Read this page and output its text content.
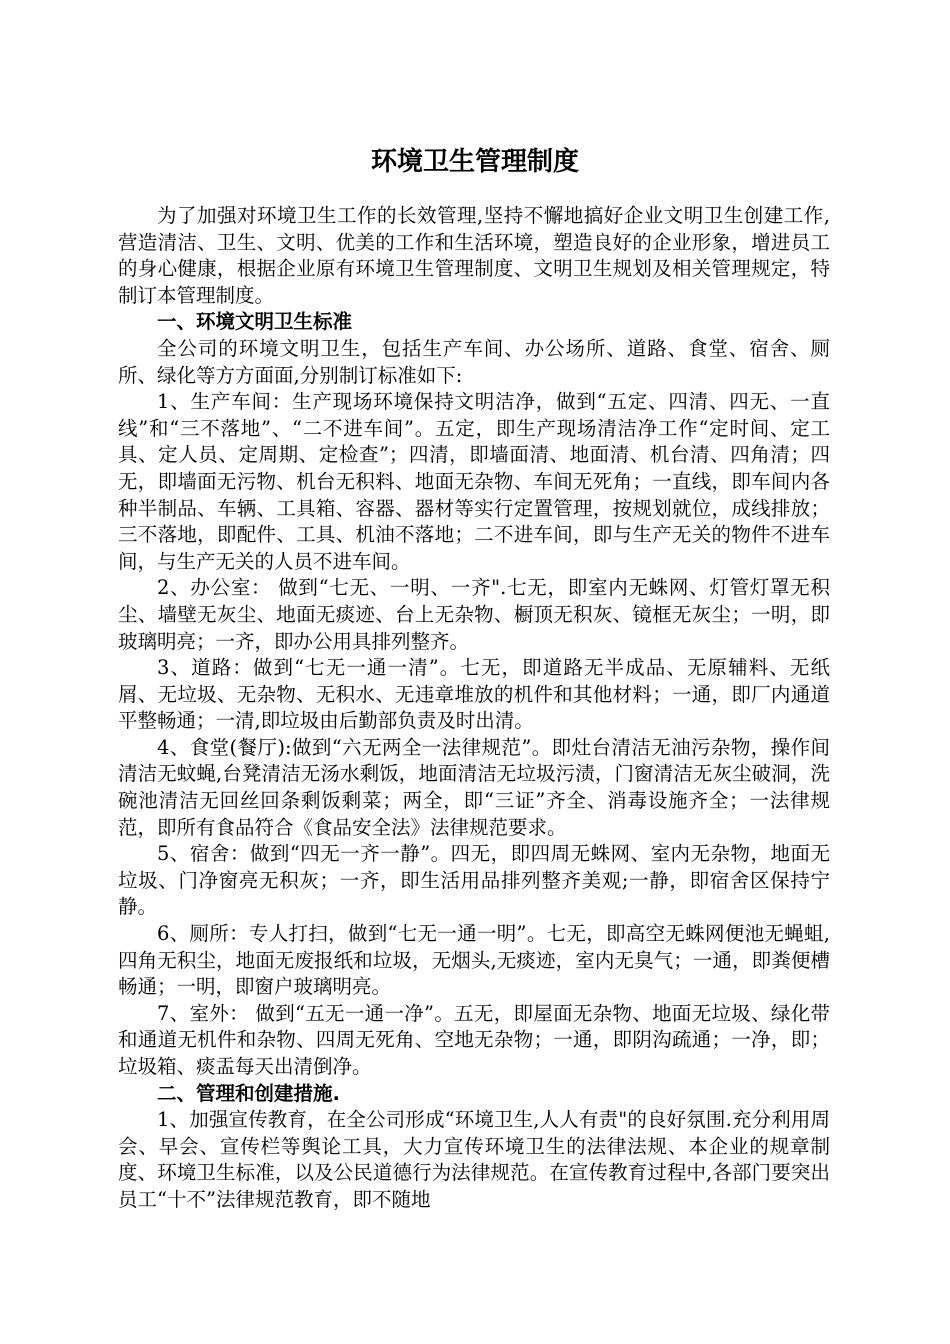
环境卫生管理制度

为了加强对环境卫生工作的长效管理,坚持不懈地搞好企业文明卫生创建工作,营造清洁、卫生、文明、优美的工作和生活环境，塑造良好的企业形象，增进员工的身心健康，根据企业原有环境卫生管理制度、文明卫生规划及相关管理规定，特制订本管理制度。

一、环境文明卫生标准

全公司的环境文明卫生，包括生产车间、办公场所、道路、食堂、宿舍、厕所、绿化等方方面面,分别制订标准如下:

1、生产车间：生产现场环境保持文明洁净，做到“五定、四清、四无、一直线”和“三不落地”、“二不进车间”。五定，即生产现场清洁净工作“定时间、定工具、定人员、定周期、定检查”；四清，即墙面清、地面清、机台清、四角清；四无，即墙面无污物、机台无积料、地面无杂物、车间无死角；一直线，即车间内各种半制品、车辆、工具箱、容器、器材等实行定置管理，按规划就位，成线排放；三不落地，即配件、工具、机油不落地；二不进车间，即与生产无关的物件不进车间，与生产无关的人员不进车间。

2、办公室： 做到“七无、一明、一齐".七无，即室内无蛛网、灯管灯罩无积尘、墙壁无灰尘、地面无痰迹、台上无杂物、橱顶无积灰、镜框无灰尘；一明，即玻璃明亮；一齐，即办公用具排列整齐。

3、道路：做到“七无一通一清”。七无，即道路无半成品、无原辅料、无纸屑、无垃圾、无杂物、无积水、无违章堆放的机件和其他材料；一通，即厂内通道平整畅通；一清,即垃圾由后勤部负责及时出清。

4、食堂(餐厅):做到“六无两全一法律规范”。即灶台清洁无油污杂物，操作间清洁无蚊蝇,台凳清洁无汤水剩饭，地面清洁无垃圾污渍，门窗清洁无灰尘破洞，洗碗池清洁无回丝回条剩饭剩菜；两全，即“三证”齐全、消毒设施齐全；一法律规范，即所有食品符合《食品安全法》法律规范要求。

5、宿舍：做到“四无一齐一静”。四无，即四周无蛛网、室内无杂物，地面无垃圾、门净窗亮无积灰；一齐，即生活用品排列整齐美观;一静，即宿舍区保持宁静。

6、厕所：专人打扫，做到“七无一通一明”。七无，即高空无蛛网便池无蝇蛆,四角无积尘，地面无废报纸和垃圾，无烟头,无痰迹，室内无臭气；一通，即粪便槽畅通；一明，即窗户玻璃明亮。

7、室外： 做到“五无一通一净”。五无，即屋面无杂物、地面无垃圾、绿化带和通道无机件和杂物、四周无死角、空地无杂物；一通，即阴沟疏通；一净，即；垃圾箱、痰盂每天出清倒净。

二、管理和创建措施.

1、加强宣传教育，在全公司形成“环境卫生,人人有责"的良好氛围.充分利用周会、早会、宣传栏等舆论工具，大力宣传环境卫生的法律法规、本企业的规章制度、环境卫生标准，以及公民道德行为法律规范。在宣传教育过程中,各部门要突出员工“十不”法律规范教育，即不随地
